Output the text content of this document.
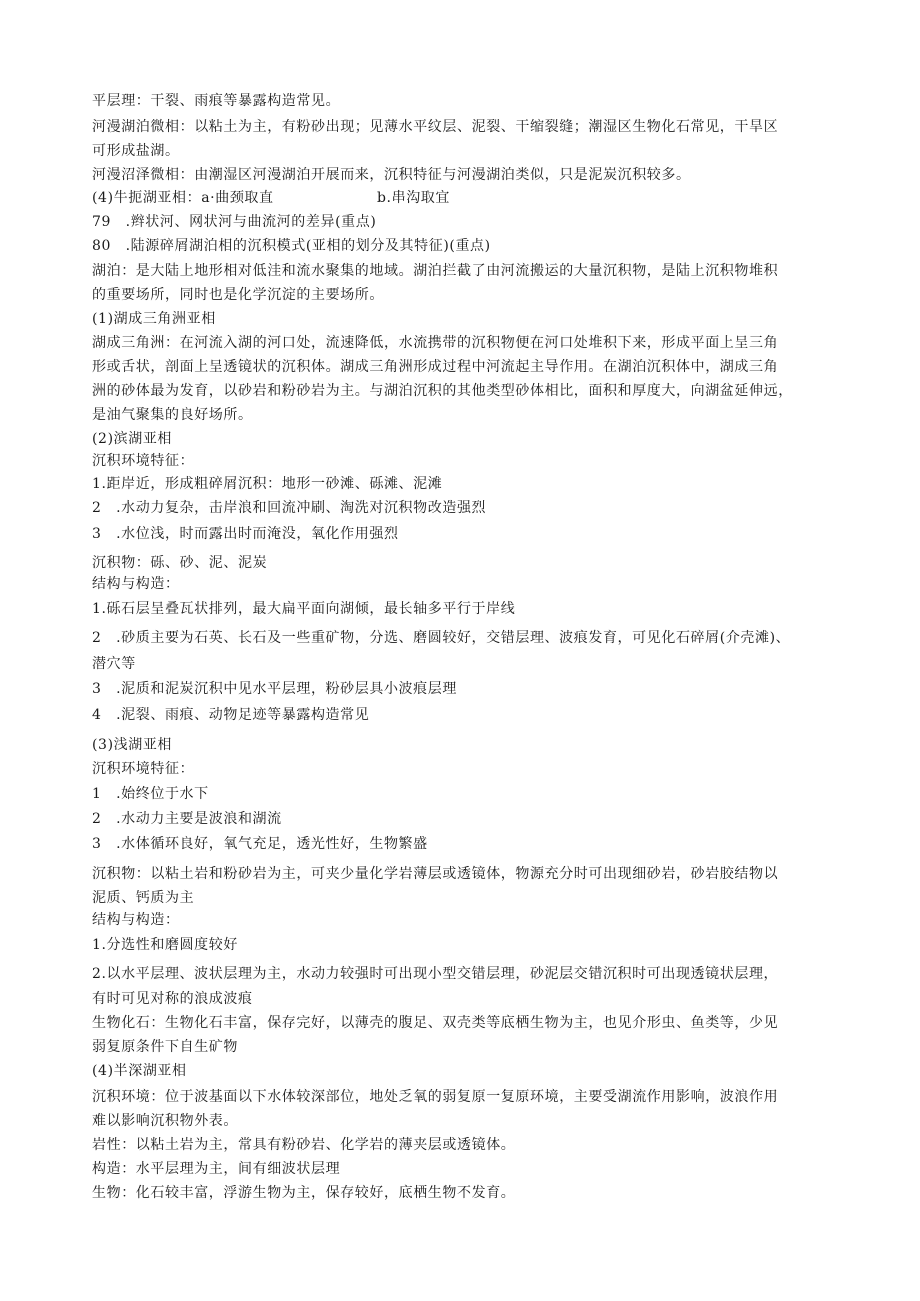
平层理：干裂、雨痕等暴露构造常见。
河漫湖泊微相：以粘土为主，有粉砂出现；见薄水平纹层、泥裂、干缩裂缝；潮湿区生物化石常见，干旱区
可形成盐湖。
河漫沼泽微相：由潮湿区河漫湖泊开展而来，沉积特征与河漫湖泊类似，只是泥炭沉积较多。
(4)牛扼湖亚相：a·曲颈取直	b.串沟取宜
79　.辫状河、网状河与曲流河的差异(重点)
80　.陆源碎屑湖泊相的沉积模式(亚相的划分及其特征)(重点)
湖泊：是大陆上地形相对低洼和流水聚集的地域。湖泊拦截了由河流搬运的大量沉积物，是陆上沉积物堆积
的重要场所，同时也是化学沉淀的主要场所。
(1)湖成三角洲亚相
湖成三角洲：在河流入湖的河口处，流速降低，水流携带的沉积物便在河口处堆积下来，形成平面上呈三角
形或舌状，剖面上呈透镜状的沉积体。湖成三角洲形成过程中河流起主导作用。在湖泊沉积体中，湖成三角
洲的砂体最为发育，以砂岩和粉砂岩为主。与湖泊沉积的其他类型砂体相比，面积和厚度大，向湖盆延伸远，
是油气聚集的良好场所。
(2)滨湖亚相
沉积环境特征：
1.距岸近，形成粗碎屑沉积：地形一砂滩、砾滩、泥滩
2　.水动力复杂，击岸浪和回流冲刷、淘洗对沉积物改造强烈
3　.水位浅，时而露出时而淹没，氧化作用强烈
沉积物：砾、砂、泥、泥炭
结构与构造：
1.砾石层呈叠瓦状排列，最大扁平面向湖倾，最长轴多平行于岸线
2　.砂质主要为石英、长石及一些重矿物，分选、磨圆较好，交错层理、波痕发育，可见化石碎屑(介壳滩)、
潜穴等
3　.泥质和泥炭沉积中见水平层理，粉砂层具小波痕层理
4　.泥裂、雨痕、动物足迹等暴露构造常见
(3)浅湖亚相
沉积环境特征：
1　.始终位于水下
2　.水动力主要是波浪和湖流
3　.水体循环良好，氧气充足，透光性好，生物繁盛
沉积物：以粘土岩和粉砂岩为主，可夹少量化学岩薄层或透镜体，物源充分时可出现细砂岩，砂岩胶结物以
泥质、钙质为主
结构与构造：
1.分选性和磨圆度较好
2.以水平层理、波状层理为主，水动力较强时可出现小型交错层理，砂泥层交错沉积时可出现透镜状层理，
有时可见对称的浪成波痕
生物化石：生物化石丰富，保存完好，以薄壳的腹足、双壳类等底栖生物为主，也见介形虫、鱼类等，少见
弱复原条件下自生矿物
(4)半深湖亚相
沉积环境：位于波基面以下水体较深部位，地处乏氧的弱复原一复原环境，主要受湖流作用影响，波浪作用
难以影响沉积物外表。
岩性：以粘土岩为主，常具有粉砂岩、化学岩的薄夹层或透镜体。
构造：水平层理为主，间有细波状层理
生物：化石较丰富，浮游生物为主，保存较好，底栖生物不发育。
